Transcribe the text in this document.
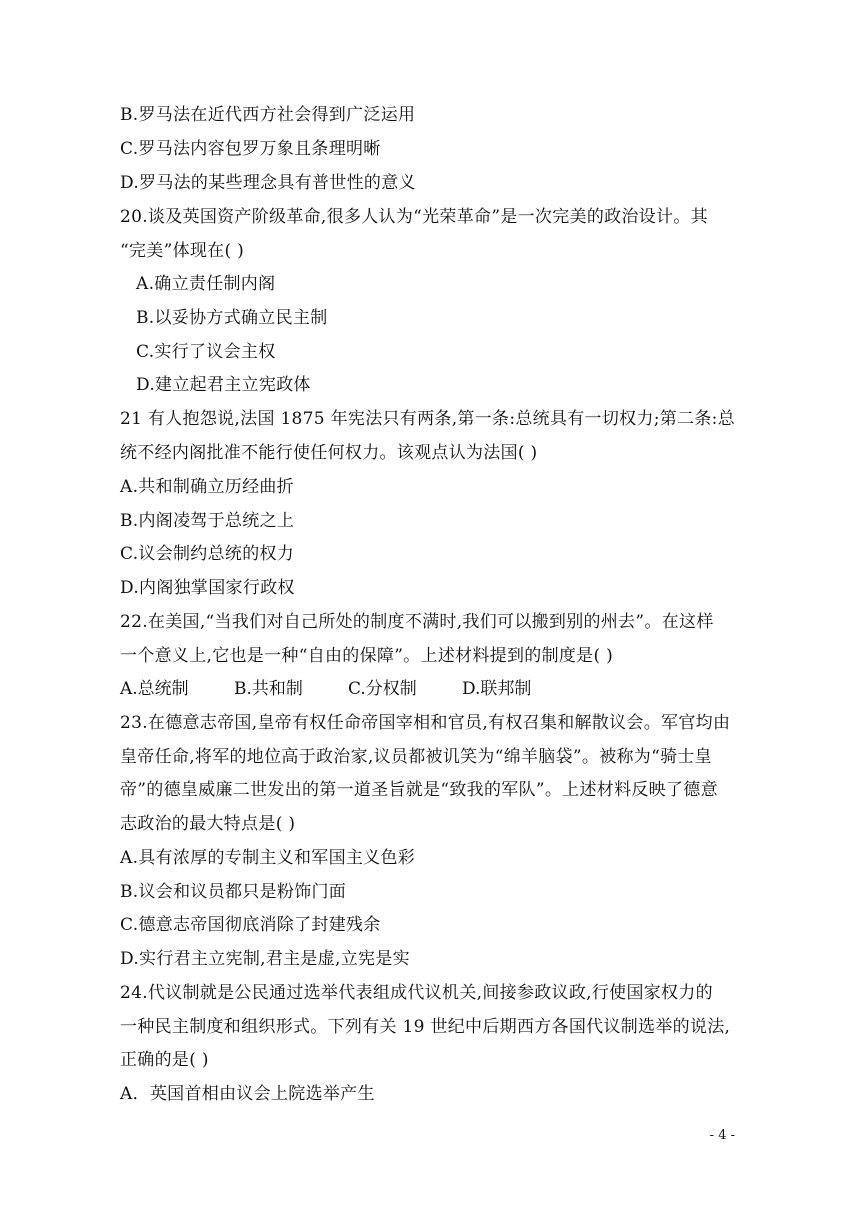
B.罗马法在近代西方社会得到广泛运用
C.罗马法内容包罗万象且条理明晰
D.罗马法的某些理念具有普世性的意义
20.谈及英国资产阶级革命,很多人认为“光荣革命”是一次完美的政治设计。其
“完美”体现在( )
A.确立责任制内阁
B.以妥协方式确立民主制
C.实行了议会主权
D.建立起君主立宪政体
21 有人抱怨说,法国 1875 年宪法只有两条,第一条:总统具有一切权力;第二条:总
统不经内阁批准不能行使任何权力。该观点认为法国( )
A.共和制确立历经曲折
B.内阁凌驾于总统之上
C.议会制约总统的权力
D.内阁独掌国家行政权
22.在美国,“当我们对自己所处的制度不满时,我们可以搬到别的州去”。在这样
一个意义上,它也是一种“自由的保障”。上述材料提到的制度是( )
A.总统制	B.共和制	C.分权制	D.联邦制
23.在德意志帝国,皇帝有权任命帝国宰相和官员,有权召集和解散议会。军官均由
皇帝任命,将军的地位高于政治家,议员都被讥笑为“绵羊脑袋”。被称为“骑士皇
帝”的德皇威廉二世发出的第一道圣旨就是“致我的军队”。上述材料反映了德意
志政治的最大特点是( )
A.具有浓厚的专制主义和军国主义色彩
B.议会和议员都只是粉饰门面
C.德意志帝国彻底消除了封建残余
D.实行君主立宪制,君主是虚,立宪是实
24.代议制就是公民通过选举代表组成代议机关,间接参政议政,行使国家权力的
一种民主制度和组织形式。下列有关 19 世纪中后期西方各国代议制选举的说法,
正确的是( )
A．英国首相由议会上院选举产生
- 4 -
